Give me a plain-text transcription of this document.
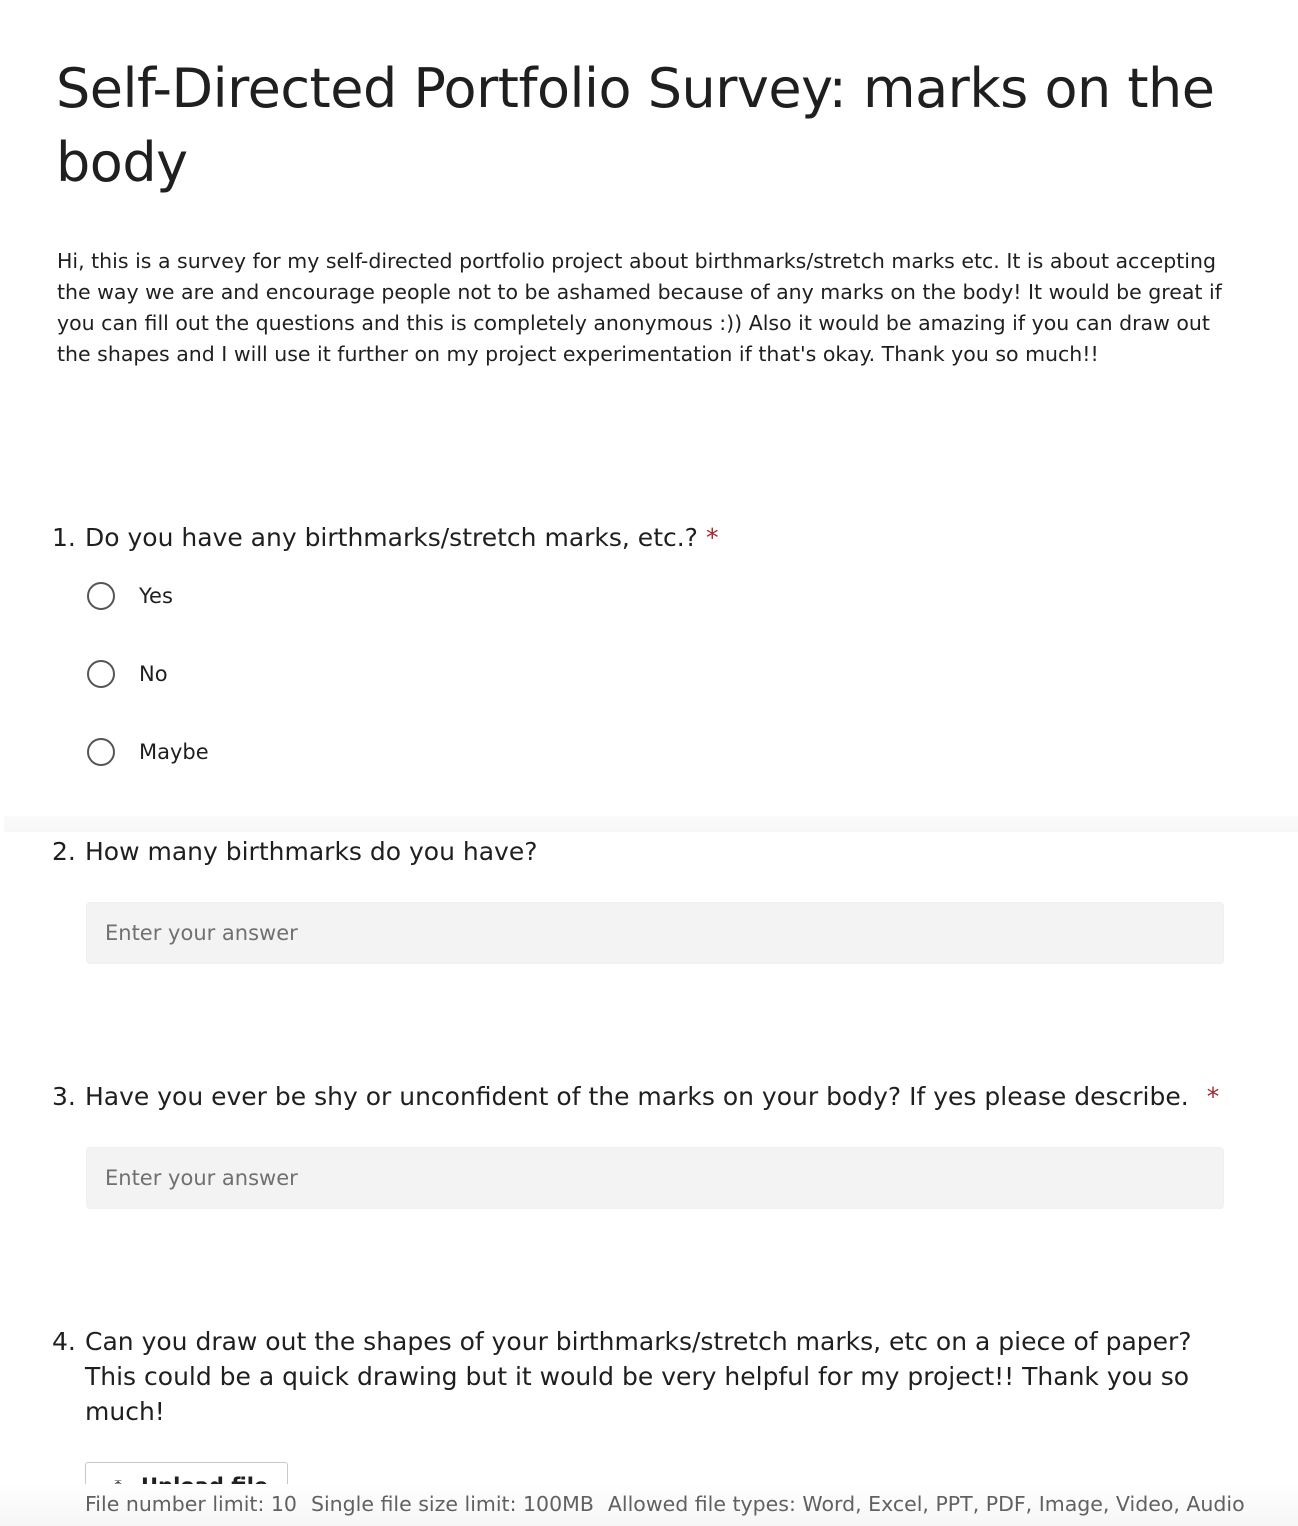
Self-Directed Portfolio Survey: marks on the body

Hi, this is a survey for my self-directed portfolio project about birthmarks/stretch marks etc. It is about accepting the way we are and encourage people not to be ashamed because of any marks on the body! It would be great if you can fill out the questions and this is completely anonymous :)) Also it would be amazing if you can draw out the shapes and I will use it further on my project experimentation if that's okay. Thank you so much!!

1. Do you have any birthmarks/stretch marks, etc.? *
Yes
No
Maybe
2. How many birthmarks do you have?
Enter your answer
3. Have you ever be shy or unconfident of the marks on your body? If yes please describe. *
Enter your answer
4. Can you draw out the shapes of your birthmarks/stretch marks, etc on a piece of paper? This could be a quick drawing but it would be very helpful for my project!! Thank you so much!
File number limit: 10 Single file size limit: 100MB Allowed file types: Word, Excel, PPT, PDF, Image, Video, Audio
